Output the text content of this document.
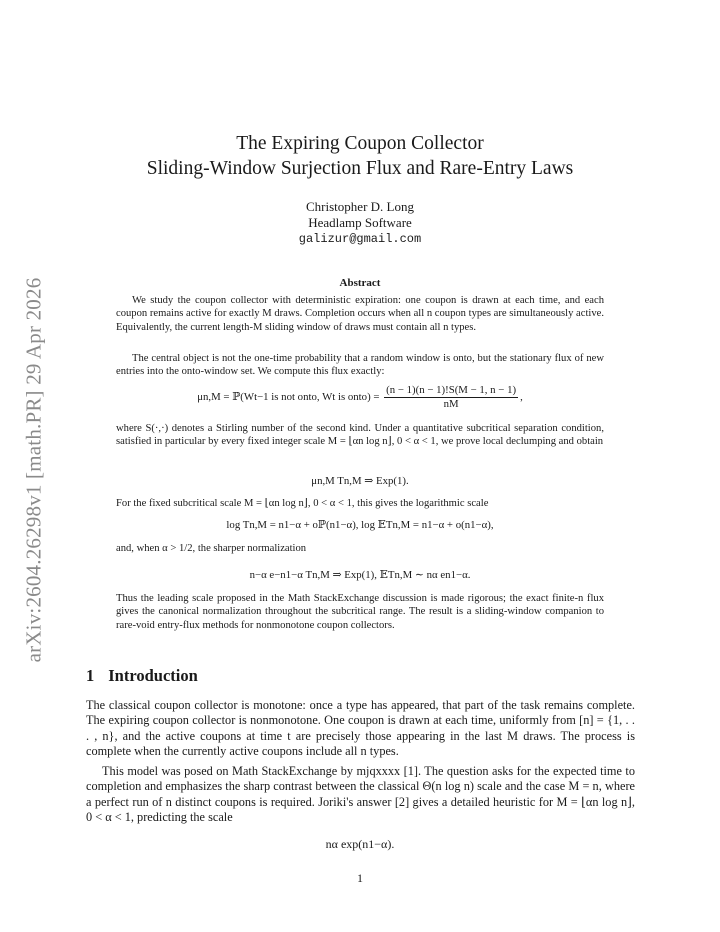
arXiv:2604.26298v1 [math.PR] 29 Apr 2026
The Expiring Coupon Collector
Sliding-Window Surjection Flux and Rare-Entry Laws
Christopher D. Long
Headlamp Software
galizur@gmail.com
Abstract
We study the coupon collector with deterministic expiration: one coupon is drawn at each time, and each coupon remains active for exactly M draws. Completion occurs when all n coupon types are simultaneously active. Equivalently, the current length-M sliding window of draws must contain all n types.
The central object is not the one-time probability that a random window is onto, but the stationary flux of new entries into the onto-window set. We compute this flux exactly:
μn,M = ℙ(Wt−1 is not onto, Wt is onto) = $\frac{(n - 1)(n - 1)!S(M - 1, n - 1)}{nM}$ ,
where S(·,·) denotes a Stirling number of the second kind. Under a quantitative subcritical separation condition, satisfied in particular by every fixed integer scale M = ⌊αn log n⌋, 0 < α < 1, we prove local declumping and obtain
μn,M Tn,M ⇒ Exp(1).
For the fixed subcritical scale M = ⌊αn log n⌋, 0 < α < 1, this gives the logarithmic scale
log Tn,M = n1−α + oℙ(n1−α), log 𝔼Tn,M = n1−α + o(n1−α),
and, when α > 1/2, the sharper normalization
n−α e−n1−α Tn,M ⇒ Exp(1), 𝔼Tn,M ∼ nα en1−α.
Thus the leading scale proposed in the Math StackExchange discussion is made rigorous; the exact finite-n flux gives the canonical normalization throughout the subcritical range. The result is a sliding-window companion to rare-void entry-flux methods for nonmonotone coupon collectors.
1 Introduction
The classical coupon collector is monotone: once a type has appeared, that part of the task remains complete. The expiring coupon collector is nonmonotone. One coupon is drawn at each time, uniformly from [n] = {1, . . . , n}, and the active coupons at time t are precisely those appearing in the last M draws. The process is complete when the currently active coupons include all n types.
This model was posed on Math StackExchange by mjqxxxx [1]. The question asks for the expected time to completion and emphasizes the sharp contrast between the classical Θ(n log n) scale and the case M = n, where a perfect run of n distinct coupons is required. Joriki's answer [2] gives a detailed heuristic for M = ⌊αn log n⌋, 0 < α < 1, predicting the scale
nα exp(n1−α).
1
